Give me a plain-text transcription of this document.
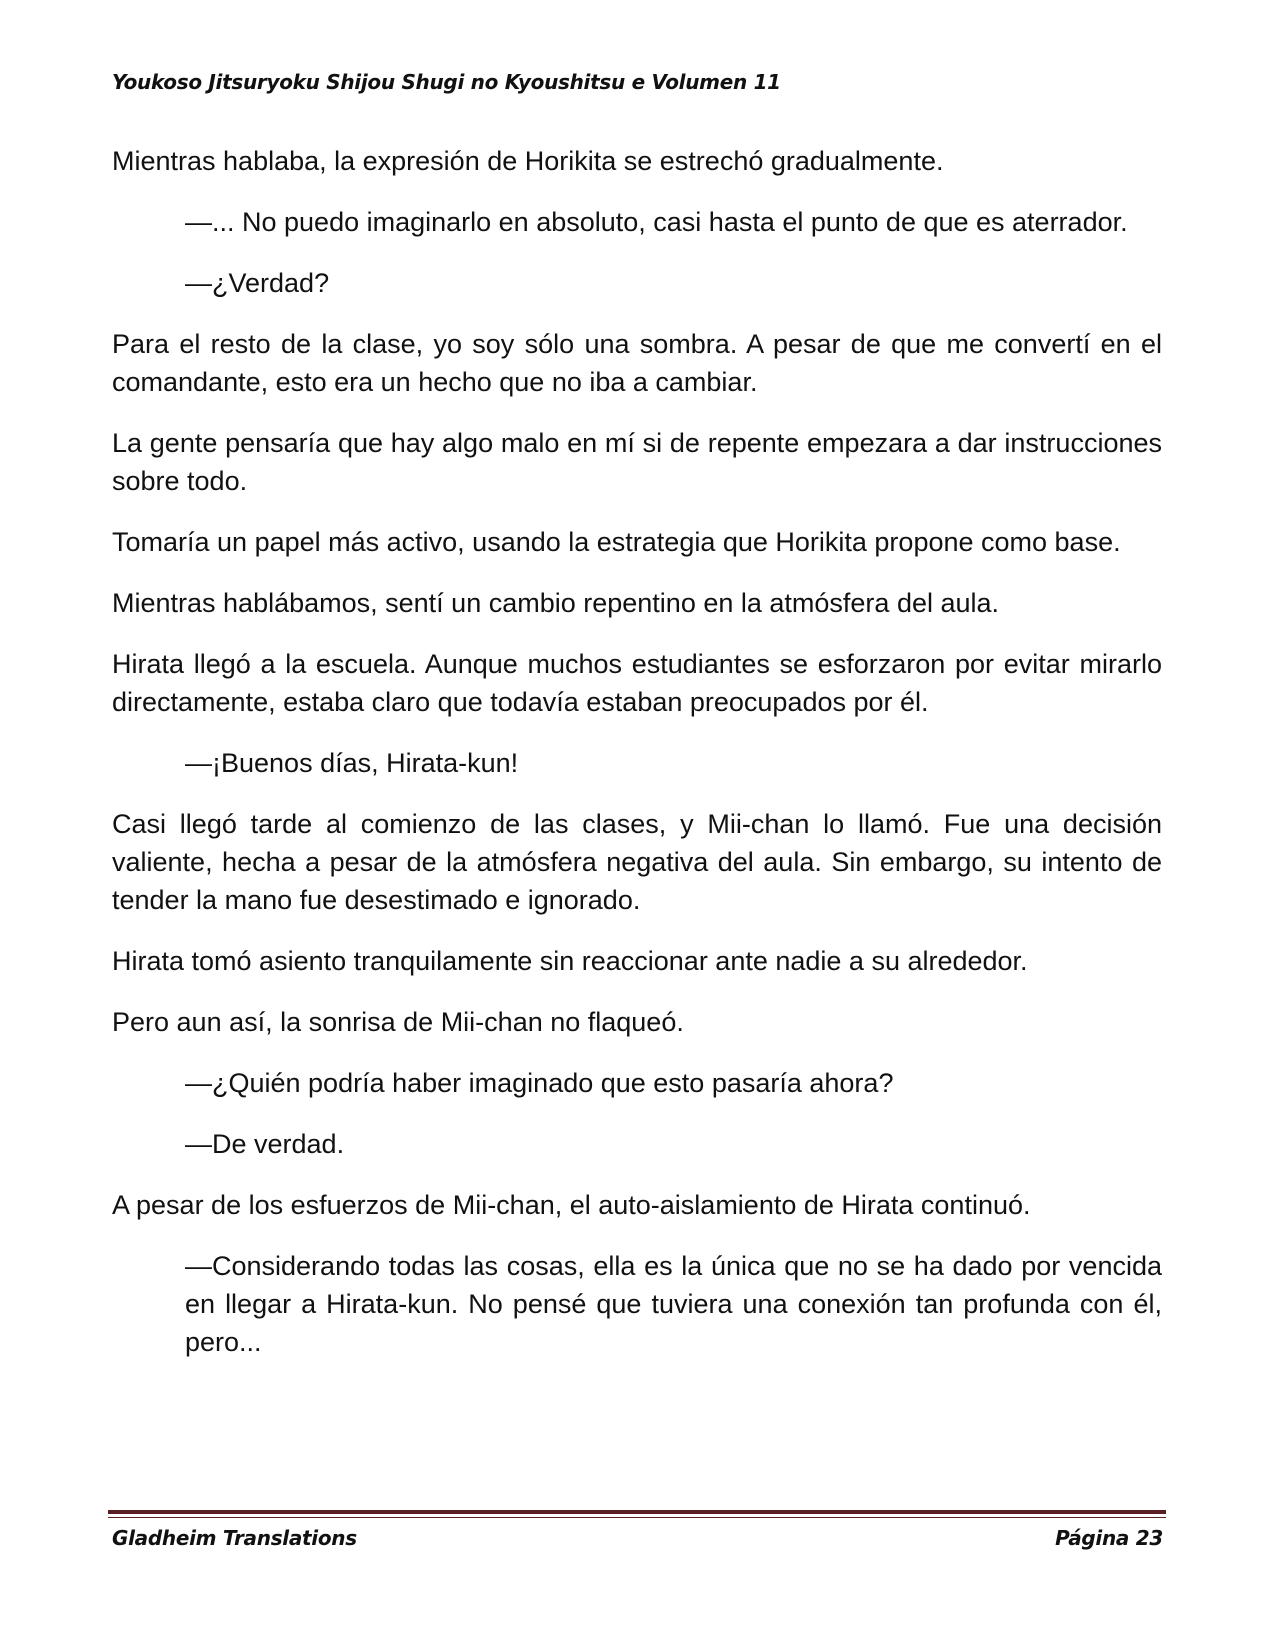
Youkoso Jitsuryoku Shijou Shugi no Kyoushitsu e Volumen 11

Mientras hablaba, la expresión de Horikita se estrechó gradualmente.

—... No puedo imaginarlo en absoluto, casi hasta el punto de que es aterrador.

—¿Verdad?

Para el resto de la clase, yo soy sólo una sombra. A pesar de que me convertí en el comandante, esto era un hecho que no iba a cambiar.

La gente pensaría que hay algo malo en mí si de repente empezara a dar instrucciones sobre todo.

Tomaría un papel más activo, usando la estrategia que Horikita propone como base.

Mientras hablábamos, sentí un cambio repentino en la atmósfera del aula.

Hirata llegó a la escuela. Aunque muchos estudiantes se esforzaron por evitar mirarlo directamente, estaba claro que todavía estaban preocupados por él.

—¡Buenos días, Hirata-kun!

Casi llegó tarde al comienzo de las clases, y Mii-chan lo llamó. Fue una decisión valiente, hecha a pesar de la atmósfera negativa del aula. Sin embargo, su intento de tender la mano fue desestimado e ignorado.

Hirata tomó asiento tranquilamente sin reaccionar ante nadie a su alrededor.

Pero aun así, la sonrisa de Mii-chan no flaqueó.

—¿Quién podría haber imaginado que esto pasaría ahora?

—De verdad.

A pesar de los esfuerzos de Mii-chan, el auto-aislamiento de Hirata continuó.

—Considerando todas las cosas, ella es la única que no se ha dado por vencida en llegar a Hirata-kun. No pensé que tuviera una conexión tan profunda con él, pero...

Gladheim Translations	Página 23
